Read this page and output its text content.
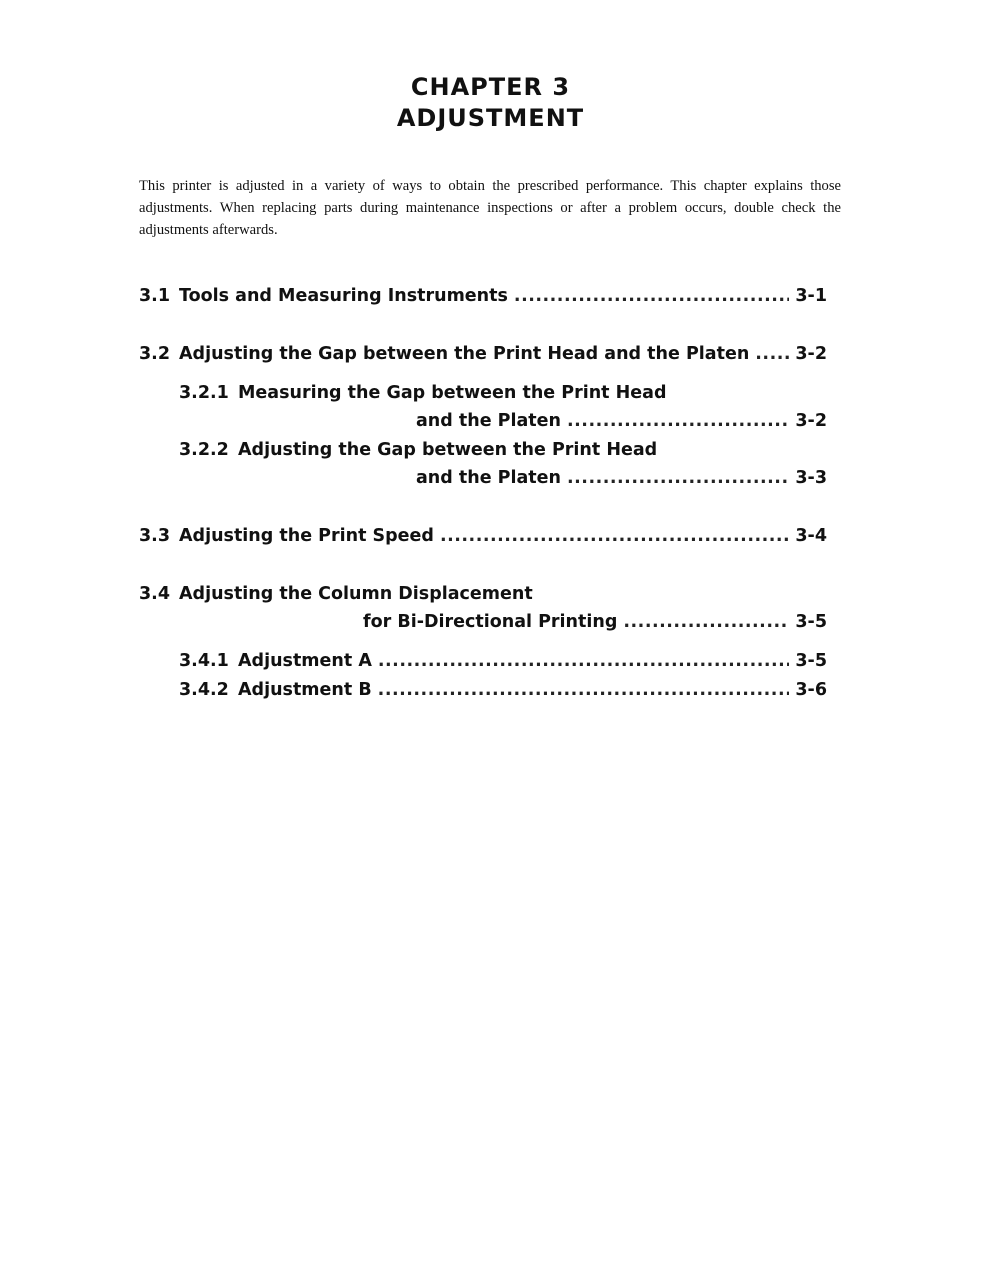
CHAPTER 3
ADJUSTMENT

This printer is adjusted in a variety of ways to obtain the prescribed performance. This chapter explains those adjustments. When replacing parts during maintenance inspections or after a problem occurs, double check the adjustments afterwards.

3.1 Tools and Measuring Instruments .....	3-1
3.2 Adjusting the Gap between the Print Head and the Platen .....	3-2
3.2.1 Measuring the Gap between the Print Head
and the Platen .....	3-2
3.2.2 Adjusting the Gap between the Print Head
and the Platen .....	3-3
3.3 Adjusting the Print Speed .....	3-4
3.4 Adjusting the Column Displacement
for Bi-Directional Printing .....	3-5
3.4.1 Adjustment A .....	3-5
3.4.2 Adjustment B .....	3-6
